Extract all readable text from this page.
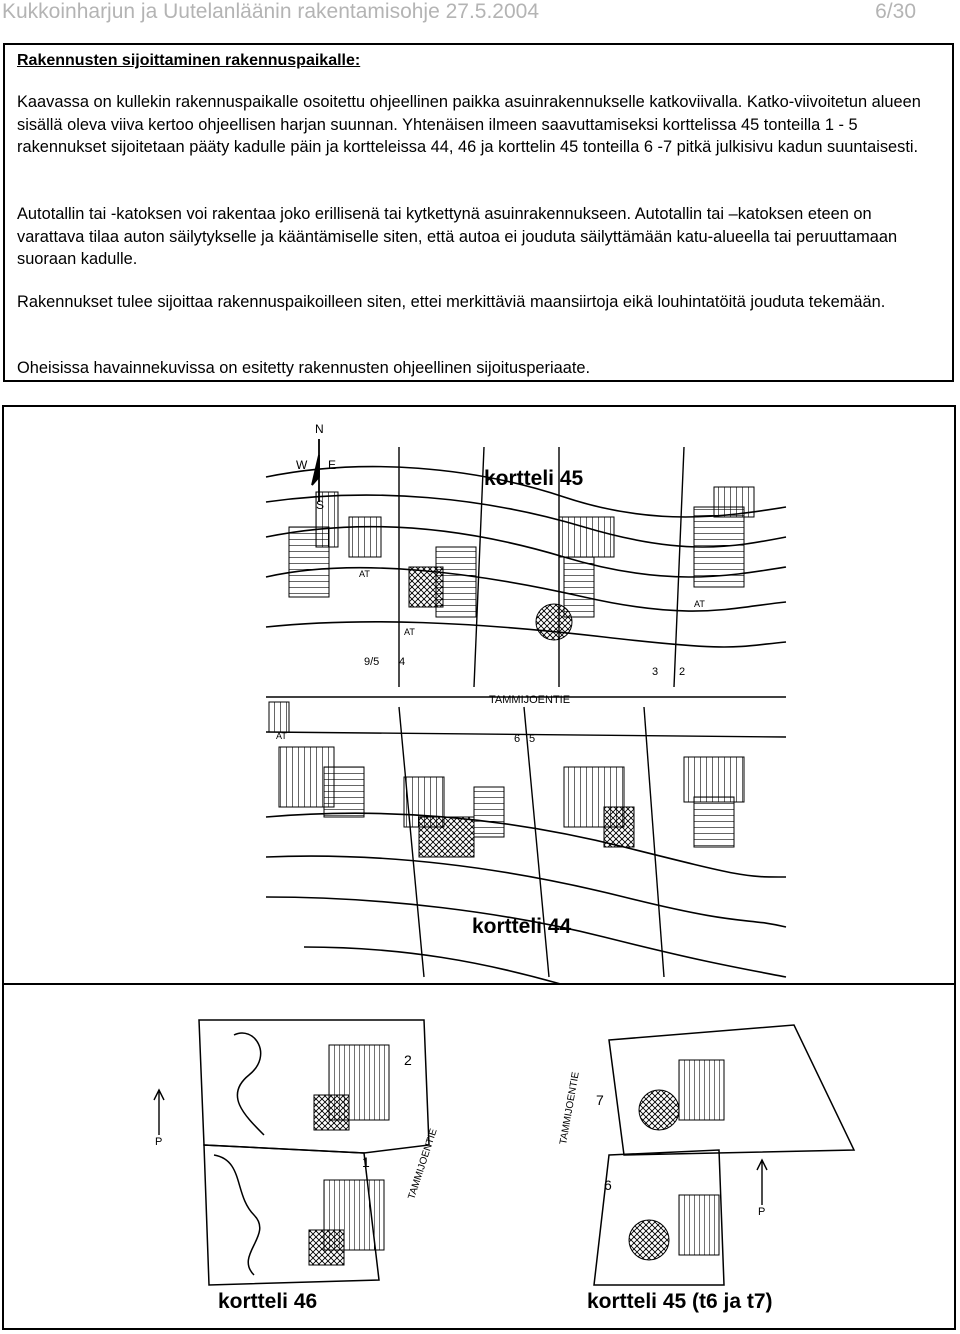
Kukkoinharjun ja Uutelanläänin rakentamisohje 27.5.2004	6/30
Rakennusten sijoittaminen rakennuspaikalle:

Kaavassa on kullekin rakennuspaikalle osoitettu ohjeellinen paikka asuinrakennukselle katkoviivalla. Katko-viivoitetun alueen sisällä oleva viiva kertoo ohjeellisen harjan suunnan. Yhtenäisen ilmeen saavuttamiseksi korttelissa 45 tonteilla 1 - 5 rakennukset sijoitetaan pääty kadulle päin ja kortteleissa 44, 46 ja korttelin 45 tonteilla 6 -7 pitkä julkisivu kadun suuntaisesti.

Autotallin tai -katoksen voi rakentaa joko erillisenä tai kytkettynä asuinrakennukseen. Autotallin tai –katoksen eteen on varattava tilaa auton säilytykselle ja kääntämiselle siten, että autoa ei jouduta säilyttämään katu-alueella tai peruuttamaan suoraan kadulle.

Rakennukset tulee sijoittaa rakennuspaikoilleen siten, ettei merkittäviä maansiirtoja eikä louhintatöitä jouduta tekemään.

Oheisissa havainnekuvissa on esitetty rakennusten ohjeellinen sijoitusperiaate.

N
W E
S
TAMMIJOENTIE
AT
AT
AT
AT
9/5 4
3 2
6 5
kortteli 45
kortteli 44
2
1
7
6
P
P
TAMMIJOENTIE
TAMMIJOENTIE
kortteli 46	kortteli 45 (t6 ja t7)
